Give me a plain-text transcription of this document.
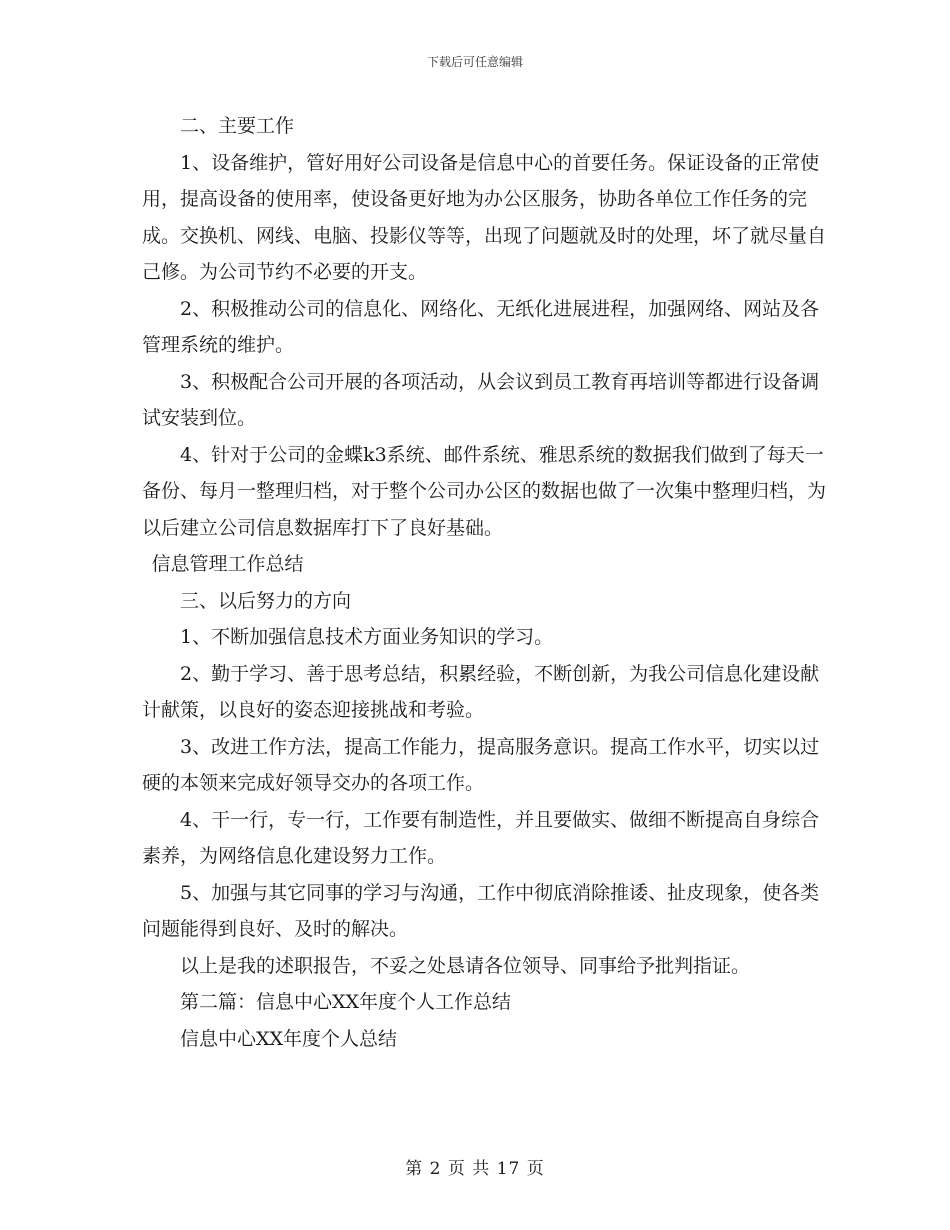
下载后可任意编辑

二、主要工作

1、设备维护，管好用好公司设备是信息中心的首要任务。保证设备的正常使用，提高设备的使用率，使设备更好地为办公区服务，协助各单位工作任务的完成。交换机、网线、电脑、投影仪等等，出现了问题就及时的处理，坏了就尽量自己修。为公司节约不必要的开支。

2、积极推动公司的信息化、网络化、无纸化进展进程，加强网络、网站及各管理系统的维护。

3、积极配合公司开展的各项活动，从会议到员工教育再培训等都进行设备调试安装到位。

4、针对于公司的金蝶k3系统、邮件系统、雅思系统的数据我们做到了每天一备份、每月一整理归档，对于整个公司办公区的数据也做了一次集中整理归档，为以后建立公司信息数据库打下了良好基础。

信息管理工作总结

三、以后努力的方向

1、不断加强信息技术方面业务知识的学习。

2、勤于学习、善于思考总结，积累经验，不断创新，为我公司信息化建设献计献策，以良好的姿态迎接挑战和考验。

3、改进工作方法，提高工作能力，提高服务意识。提高工作水平，切实以过硬的本领来完成好领导交办的各项工作。

4、干一行，专一行，工作要有制造性，并且要做实、做细不断提高自身综合素养，为网络信息化建设努力工作。

5、加强与其它同事的学习与沟通，工作中彻底消除推诿、扯皮现象，使各类问题能得到良好、及时的解决。

以上是我的述职报告，不妥之处恳请各位领导、同事给予批判指证。

第二篇：信息中心XX年度个人工作总结

信息中心XX年度个人总结

第 2 页 共 17 页
